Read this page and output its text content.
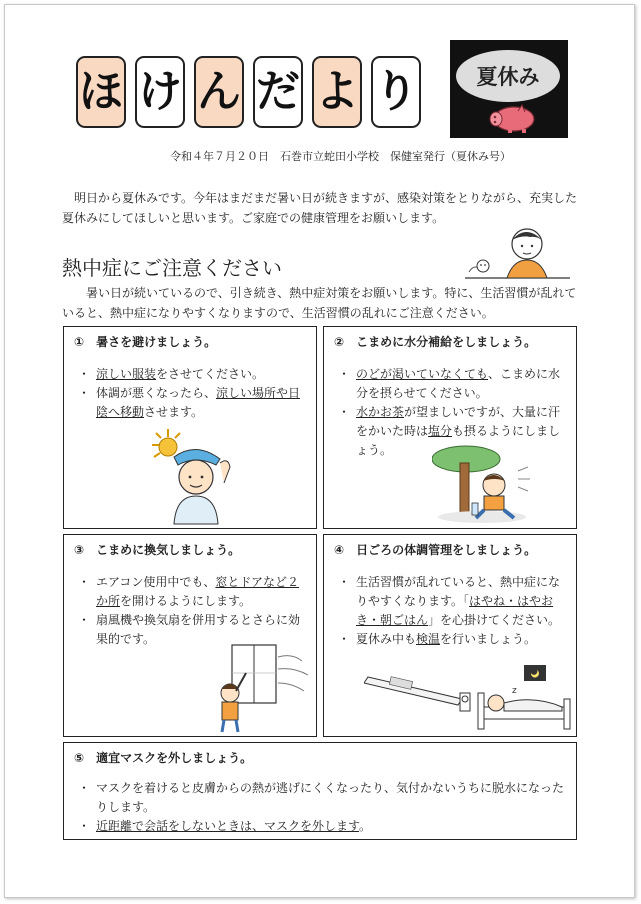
ほ け ん だ よ り	夏休み
令和４年７月２０日　石巻市立蛇田小学校　保健室発行（夏休み号）

明日から夏休みです。今年はまだまだ暑い日が続きますが、感染対策をとりながら、充実した夏休みにしてほしいと思います。ご家庭での健康管理をお願いします。

熱中症にご注意ください

暑い日が続いているので、引き続き、熱中症対策をお願いします。特に、生活習慣が乱れていると、熱中症になりやすくなりますので、生活習慣の乱れにご注意ください。

①　暑さを避けましょう。
・ 涼しい服装をさせてください。
・ 体調が悪くなったら、涼しい場所や日陰へ移動させます。
②　こまめに水分補給をしましょう。
・ のどが渇いていなくても、こまめに水分を摂らせてください。
・ 水かお茶が望ましいですが、大量に汗をかいた時は塩分も摂るようにしましょう。
③　こまめに換気しましょう。
・ エアコン使用中でも、窓とドアなど２か所を開けるようにします。
・ 扇風機や換気扇を併用するとさらに効果的です。
④　日ごろの体調管理をしましょう。
・ 生活習慣が乱れていると、熱中症になりやすくなります。「はやね・はやおき・朝ごはん」を心掛けてください。
・ 夏休み中も検温を行いましょう。
z
⑤　適宜マスクを外しましょう。
・ マスクを着けると皮膚からの熱が逃げにくくなったり、気付かないうちに脱水になったりします。
・ 近距離で会話をしないときは、マスクを外します。
